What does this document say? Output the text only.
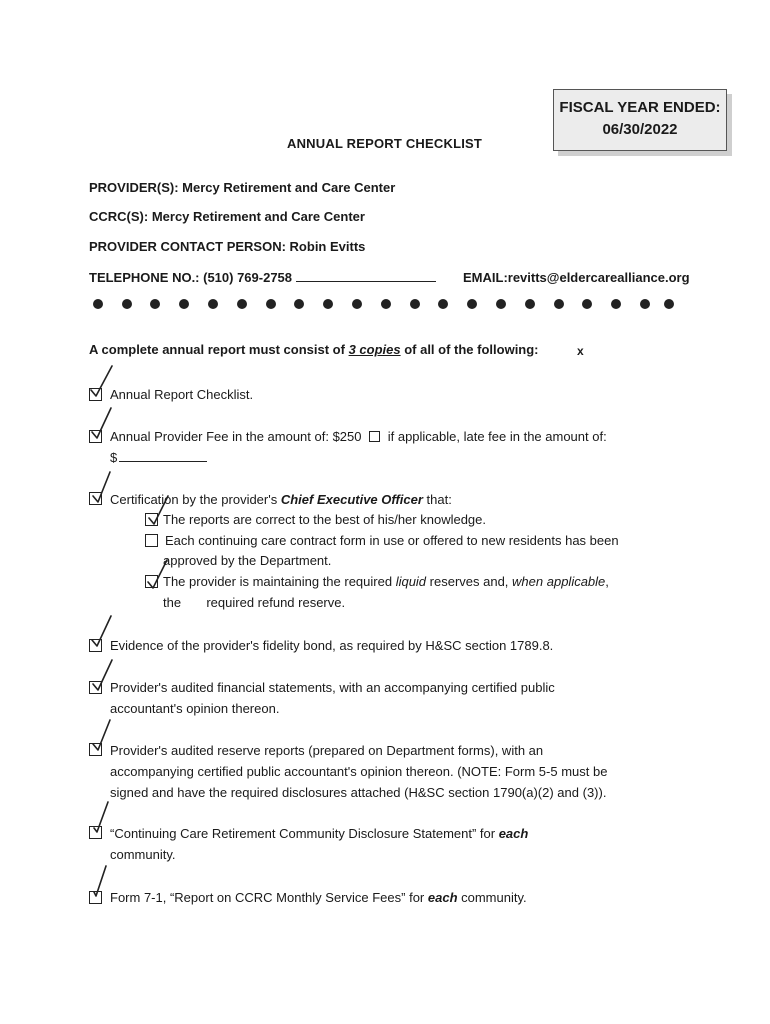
FISCAL YEAR ENDED:
06/30/2022
ANNUAL REPORT CHECKLIST
PROVIDER(S): Mercy Retirement and Care Center
CCRC(S): Mercy Retirement and Care Center
PROVIDER CONTACT PERSON: Robin Evitts
TELEPHONE NO.: (510) 769-2758	EMAIL:revitts@eldercarealliance.org
A complete annual report must consist of 3 copies of all of the following:	x
Annual Report Checklist.
Annual Provider Fee in the amount of: $250  if applicable, late fee in the amount of:
$
Certification by the provider's Chief Executive Officer that:
The reports are correct to the best of his/her knowledge.
Each continuing care contract form in use or offered to new residents has been
approved by the Department.
The provider is maintaining the required liquid reserves and, when applicable,
the       required refund reserve.
Evidence of the provider's fidelity bond, as required by H&SC section 1789.8.
Provider's audited financial statements, with an accompanying certified public
accountant's opinion thereon.
Provider's audited reserve reports (prepared on Department forms), with an
accompanying certified public accountant's opinion thereon. (NOTE: Form 5-5 must be
signed and have the required disclosures attached (H&SC section 1790(a)(2) and (3)).
“Continuing Care Retirement Community Disclosure Statement” for each
community.
Form 7-1, “Report on CCRC Monthly Service Fees” for each community.
